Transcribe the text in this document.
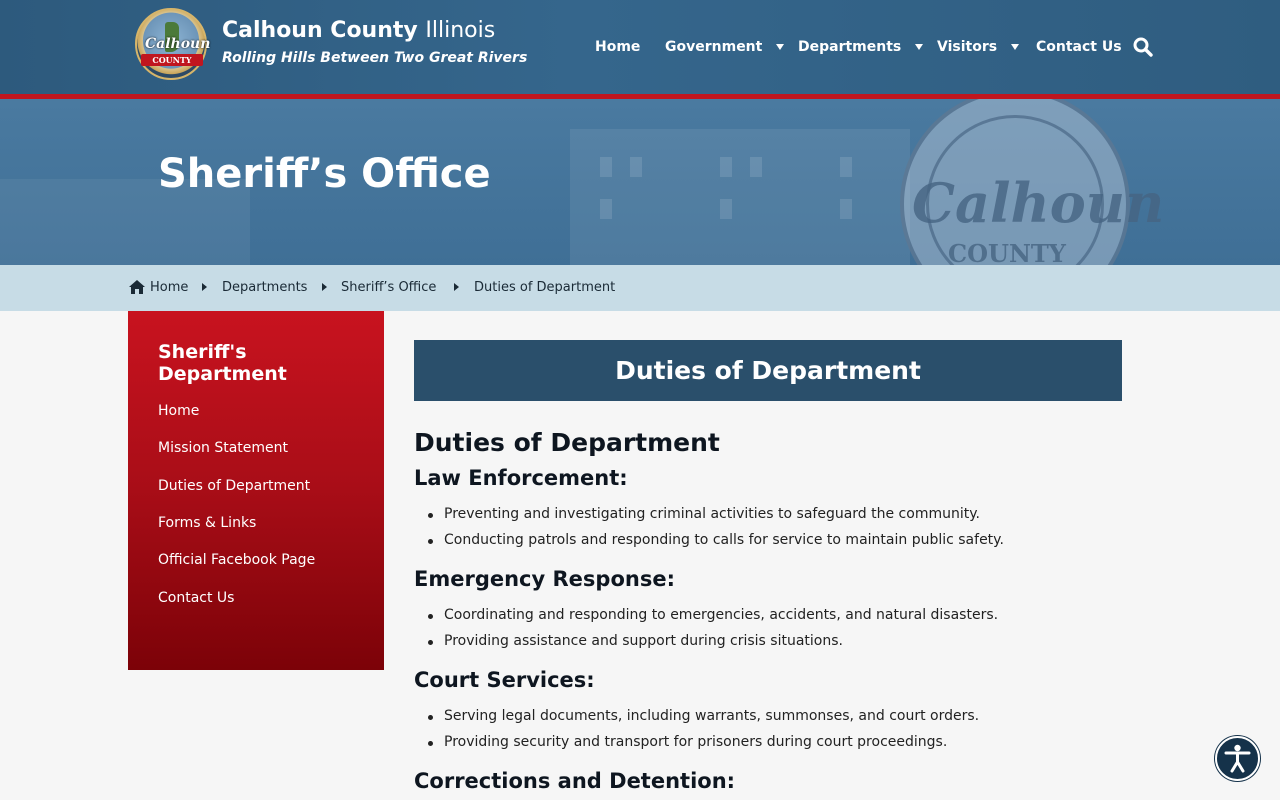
Calhoun
COUNTY
Calhoun County Illinois
Rolling Hills Between Two Great Rivers
Home Government	Departments	Visitors	Contact Us
Calhoun
COUNTY
Sheriff’s Office
Home	Departments	Sheriff’s Office	Duties of Department
Sheriff's Department
Home
Mission Statement
Duties of Department
Forms & Links
Official Facebook Page
Contact Us
Duties of Department
Duties of Department
Law Enforcement:
Preventing and investigating criminal activities to safeguard the community.
Conducting patrols and responding to calls for service to maintain public safety.
Emergency Response:
Coordinating and responding to emergencies, accidents, and natural disasters.
Providing assistance and support during crisis situations.
Court Services:
Serving legal documents, including warrants, summonses, and court orders.
Providing security and transport for prisoners during court proceedings.
Corrections and Detention:
